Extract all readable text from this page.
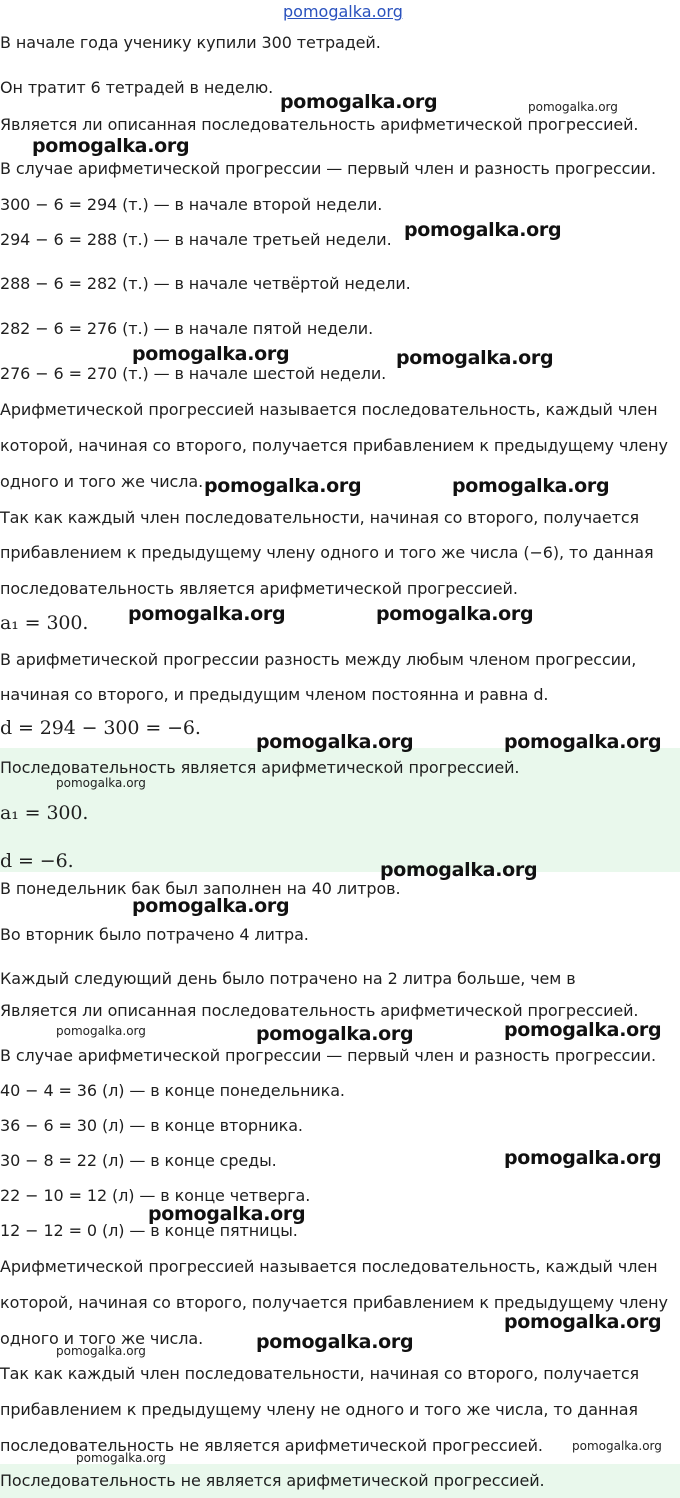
В начале года ученику купили 300 тетрадей.

Он тратит 6 тетрадей в неделю.

Является ли описанная последовательность арифметической прогрессией.

В случае арифметической прогрессии — первый член и разность прогрессии.

300 − 6 = 294 (т.) — в начале второй недели.

294 − 6 = 288 (т.) — в начале третьей недели.

288 − 6 = 282 (т.) — в начале четвёртой недели.

282 − 6 = 276 (т.) — в начале пятой недели.

276 − 6 = 270 (т.) — в начале шестой недели.

Арифметической прогрессией называется последовательность, каждый член

которой, начиная со второго, получается прибавлением к предыдущему члену

одного и того же числа.

Так как каждый член последовательности, начиная со второго, получается

прибавлением к предыдущему члену одного и того же числа (−6), то данная

последовательность является арифметической прогрессией.

a₁ = 300.

В арифметической прогрессии разность между любым членом прогрессии,

начиная со второго, и предыдущим членом постоянна и равна d.

d = 294 − 300 = −6.

Последовательность является арифметической прогрессией.

a₁ = 300.

d = −6.

В понедельник бак был заполнен на 40 литров.

Во вторник было потрачено 4 литра.

Каждый следующий день было потрачено на 2 литра больше, чем в

Является ли описанная последовательность арифметической прогрессией.

В случае арифметической прогрессии — первый член и разность прогрессии.

40 − 4 = 36 (л) — в конце понедельника.

36 − 6 = 30 (л) — в конце вторника.

30 − 8 = 22 (л) — в конце среды.

22 − 10 = 12 (л) — в конце четверга.

12 − 12 = 0 (л) — в конце пятницы.

Арифметической прогрессией называется последовательность, каждый член

которой, начиная со второго, получается прибавлением к предыдущему члену

одного и того же числа.

Так как каждый член последовательности, начиная со второго, получается

прибавлением к предыдущему члену не одного и того же числа, то данная

последовательность не является арифметической прогрессией.

Последовательность не является арифметической прогрессией.

pomogalka.org
pomogalka.org	pomogalka.org
pomogalka.org
pomogalka.org
pomogalka.org	pomogalka.org
pomogalka.org	pomogalka.org
pomogalka.org	pomogalka.org
pomogalka.org	pomogalka.org
pomogalka.org
pomogalka.org
pomogalka.org
pomogalka.org	pomogalka.org	pomogalka.org
pomogalka.org
pomogalka.org
pomogalka.org
pomogalka.org
pomogalka.org
pomogalka.org
pomogalka.org
